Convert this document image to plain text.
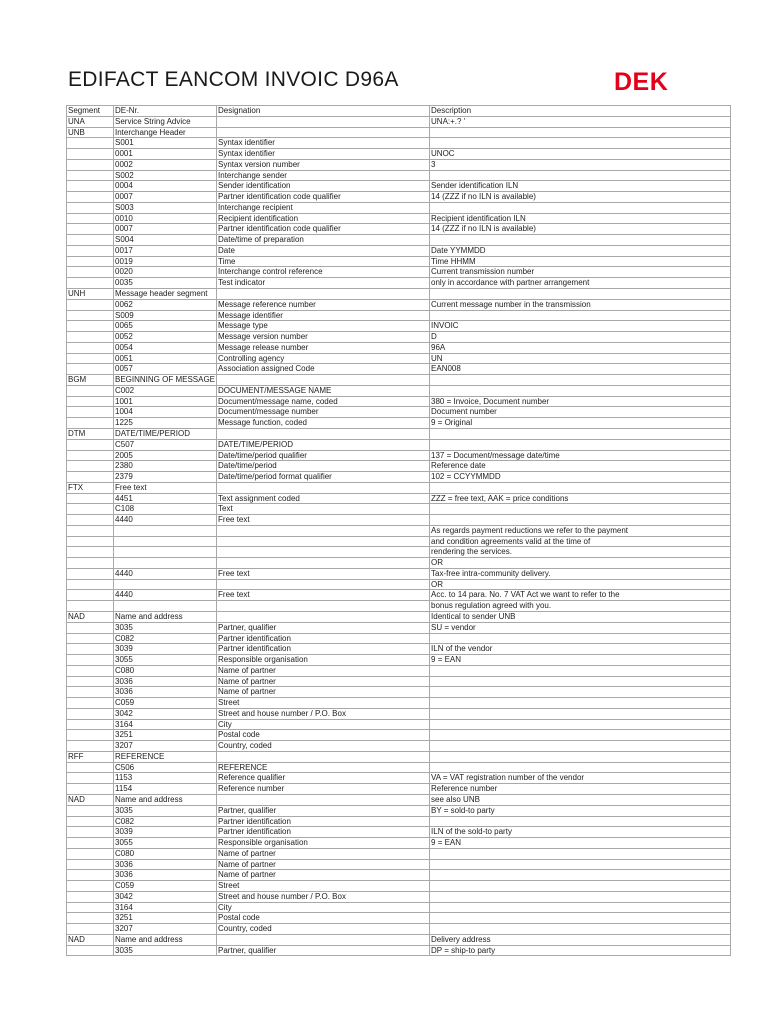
EDIFACT EANCOM INVOIC D96A	DEK
Segment	DE-Nr.	Designation	Description
UNA	Service String Advice		UNA:+.? '
UNB	Interchange Header		
	S001	Syntax identifier	
	0001	Syntax identifier	UNOC
	0002	Syntax version number	3
	S002	Interchange sender	
	0004	Sender identification	Sender identification ILN
	0007	Partner identification code qualifier	14 (ZZZ if no ILN is available)
	S003	Interchange recipient	
	0010	Recipient identification	Recipient identification ILN
	0007	Partner identification code qualifier	14 (ZZZ if no ILN is available)
	S004	Date/time of preparation	
	0017	Date	Date YYMMDD
	0019	Time	Time HHMM
	0020	Interchange control reference	Current transmission number
	0035	Test indicator	only in accordance with partner arrangement
UNH	Message header segment		
	0062	Message reference number	Current message number in the transmission
	S009	Message identifier	
	0065	Message type	INVOIC
	0052	Message version number	D
	0054	Message release number	96A
	0051	Controlling agency	UN
	0057	Association assigned Code	EAN008
BGM	BEGINNING OF MESSAGE		
	C002	DOCUMENT/MESSAGE NAME	
	1001	Document/message name, coded	380 = Invoice, Document number
	1004	Document/message number	Document number
	1225	Message function, coded	9 = Original
DTM	DATE/TIME/PERIOD		
	C507	DATE/TIME/PERIOD	
	2005	Date/time/period qualifier	137 = Document/message date/time
	2380	Date/time/period	Reference date
	2379	Date/time/period format qualifier	102 = CCYYMMDD
FTX	Free text		
	4451	Text assignment coded	ZZZ = free text, AAK = price conditions
	C108	Text	
	4440	Free text	
			As regards payment reductions we refer to the payment
			and condition agreements valid at the time of
			rendering the services.
			OR
	4440	Free text	Tax-free intra-community delivery.
			OR
	4440	Free text	Acc. to 14 para. No. 7 VAT Act we want to refer to the
			bonus regulation agreed with you.
NAD	Name and address		Identical to sender UNB
	3035	Partner, qualifier	SU = vendor
	C082	Partner identification	
	3039	Partner identification	ILN of the vendor
	3055	Responsible organisation	9 = EAN
	C080	Name of partner	
	3036	Name of partner	
	3036	Name of partner	
	C059	Street	
	3042	Street and house number / P.O. Box	
	3164	City	
	3251	Postal code	
	3207	Country, coded	
RFF	REFERENCE		
	C506	REFERENCE	
	1153	Reference qualifier	VA = VAT registration number of the vendor
	1154	Reference number	Reference number
NAD	Name and address		see also UNB
	3035	Partner, qualifier	BY = sold-to party
	C082	Partner identification	
	3039	Partner identification	ILN of the sold-to party
	3055	Responsible organisation	9 = EAN
	C080	Name of partner	
	3036	Name of partner	
	3036	Name of partner	
	C059	Street	
	3042	Street and house number / P.O. Box	
	3164	City	
	3251	Postal code	
	3207	Country, coded	
NAD	Name and address		Delivery address
	3035	Partner, qualifier	DP = ship-to party
